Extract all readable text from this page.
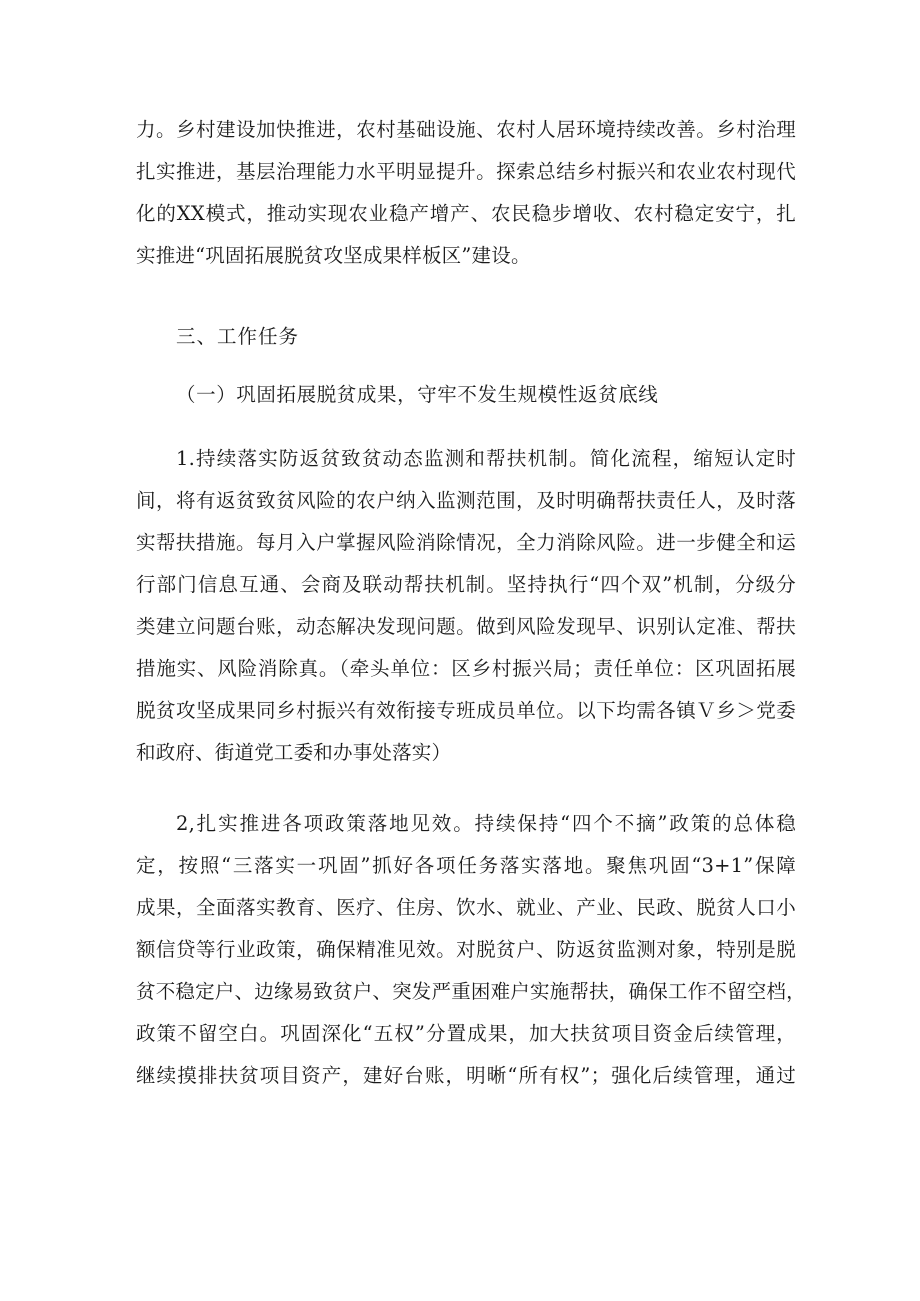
力。乡村建设加快推进，农村基础设施、农村人居环境持续改善。乡村治理
扎实推进，基层治理能力水平明显提升。探索总结乡村振兴和农业农村现代
化的XX模式，推动实现农业稳产增产、农民稳步增收、农村稳定安宁，扎
实推进“巩固拓展脱贫攻坚成果样板区”建设。
三、工作任务
（一）巩固拓展脱贫成果，守牢不发生规模性返贫底线
1.持续落实防返贫致贫动态监测和帮扶机制。简化流程，缩短认定时
间，将有返贫致贫风险的农户纳入监测范围，及时明确帮扶责任人，及时落
实帮扶措施。每月入户掌握风险消除情况，全力消除风险。进一步健全和运
行部门信息互通、会商及联动帮扶机制。坚持执行“四个双”机制，分级分
类建立问题台账，动态解决发现问题。做到风险发现早、识别认定准、帮扶
措施实、风险消除真。（牵头单位：区乡村振兴局；责任单位：区巩固拓展
脱贫攻坚成果同乡村振兴有效衔接专班成员单位。以下均需各镇Ｖ乡＞党委
和政府、街道党工委和办事处落实）
2,扎实推进各项政策落地见效。持续保持“四个不摘”政策的总体稳
定，按照“三落实一巩固”抓好各项任务落实落地。聚焦巩固“3+1”保障
成果，全面落实教育、医疗、住房、饮水、就业、产业、民政、脱贫人口小
额信贷等行业政策，确保精准见效。对脱贫户、防返贫监测对象，特别是脱
贫不稳定户、边缘易致贫户、突发严重困难户实施帮扶，确保工作不留空档，
政策不留空白。巩固深化“五权”分置成果，加大扶贫项目资金后续管理，
继续摸排扶贫项目资产，建好台账，明晰“所有权”；强化后续管理，通过
